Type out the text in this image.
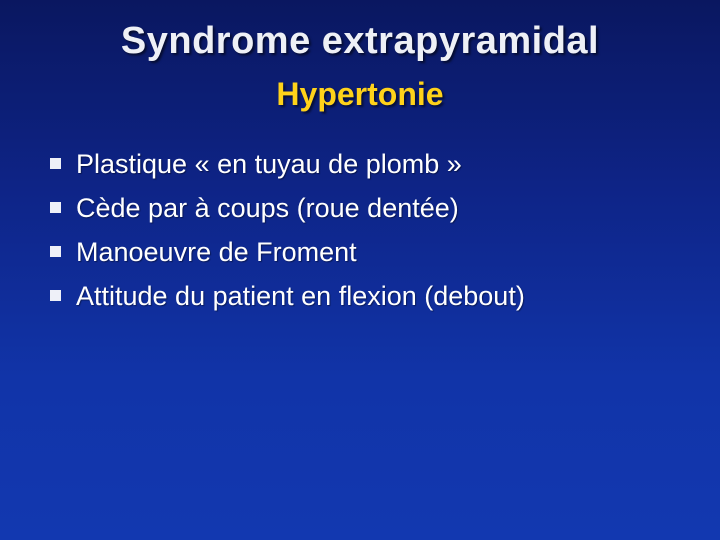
Syndrome extrapyramidal
Hypertonie
Plastique « en tuyau de plomb »
Cède par à coups (roue dentée)
Manoeuvre de Froment
Attitude du patient en flexion (debout)
